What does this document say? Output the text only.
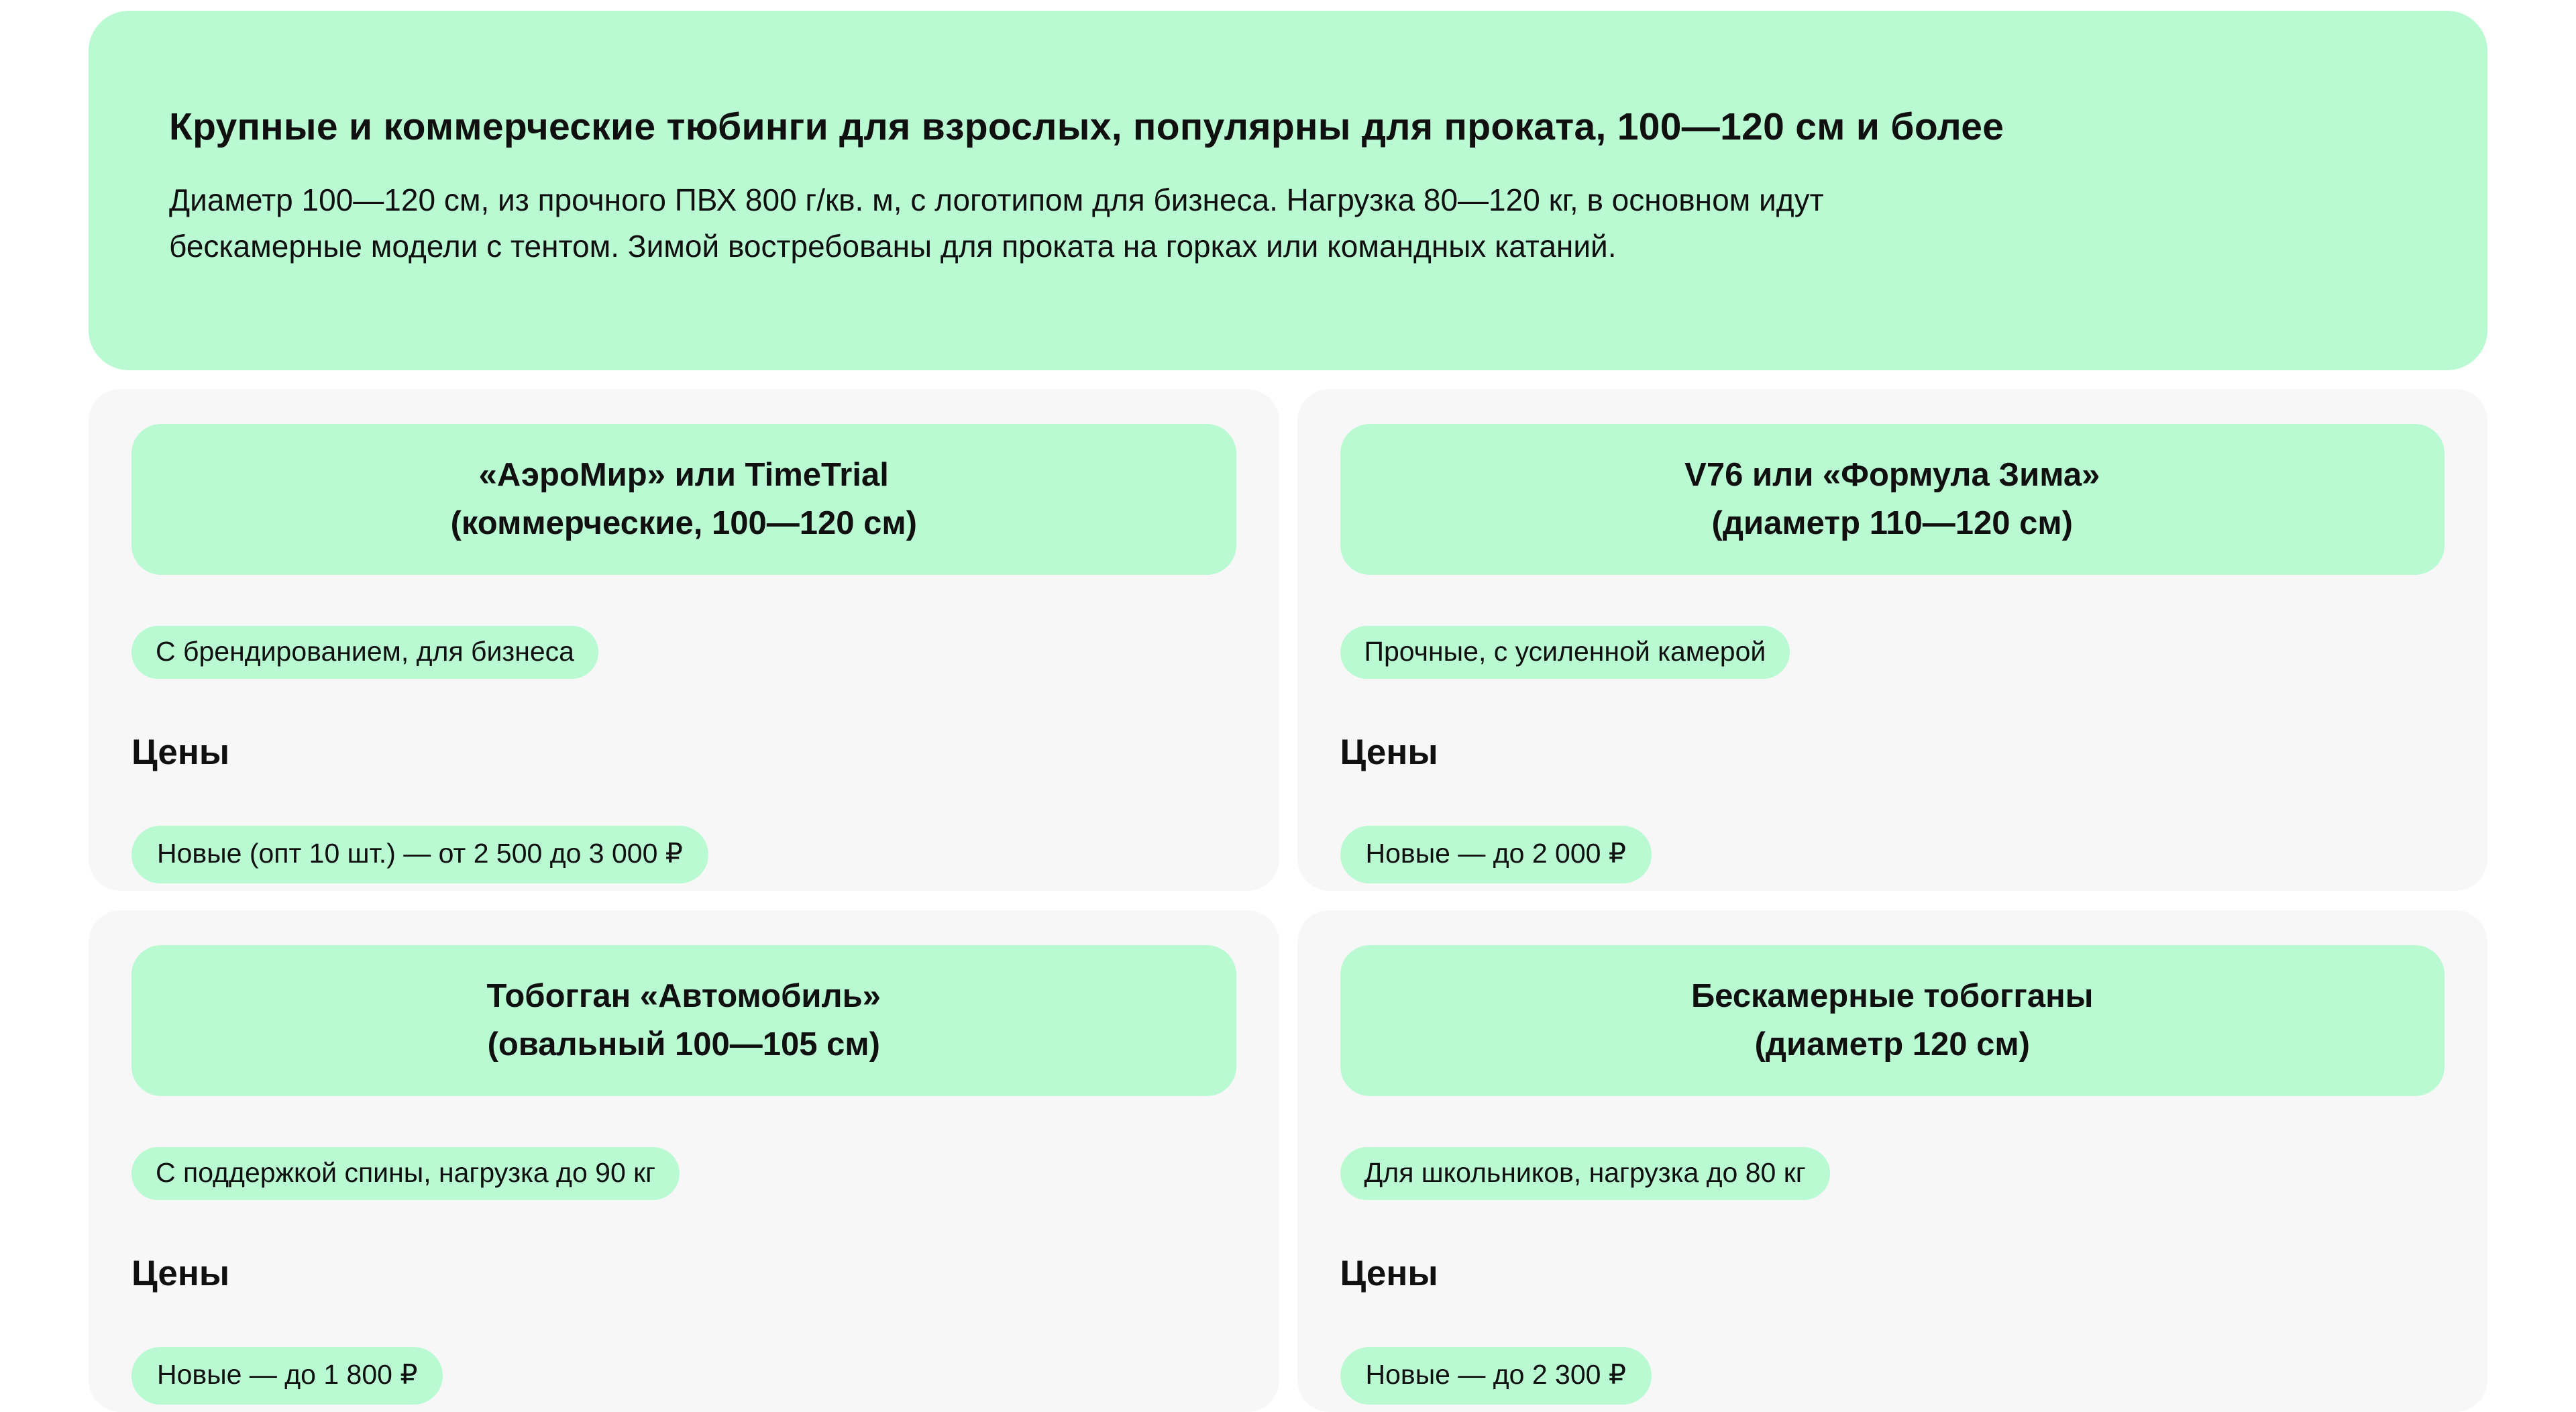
Крупные и коммерческие тюбинги для взрослых, популярны для проката, 100—120 см и более

Диаметр 100—120 см, из прочного ПВХ 800 г/кв. м, с логотипом для бизнеса. Нагрузка 80—120 кг, в основном идут
бескамерные модели с тентом. Зимой востребованы для проката на горках или командных катаний.

«АэроМир» или TimeTrial
(коммерческие, 100—120 см)
С брендированием, для бизнеса
Цены
Новые (опт 10 шт.) — от 2 500 до 3 000 ₽
V76 или «Формула Зима»
(диаметр 110—120 см)
Прочные, с усиленной камерой
Цены
Новые — до 2 000 ₽
Тобогган «Автомобиль»
(овальный 100—105 см)
С поддержкой спины, нагрузка до 90 кг
Цены
Новые — до 1 800 ₽
Бескамерные тобогганы
(диаметр 120 см)
Для школьников, нагрузка до 80 кг
Цены
Новые — до 2 300 ₽
